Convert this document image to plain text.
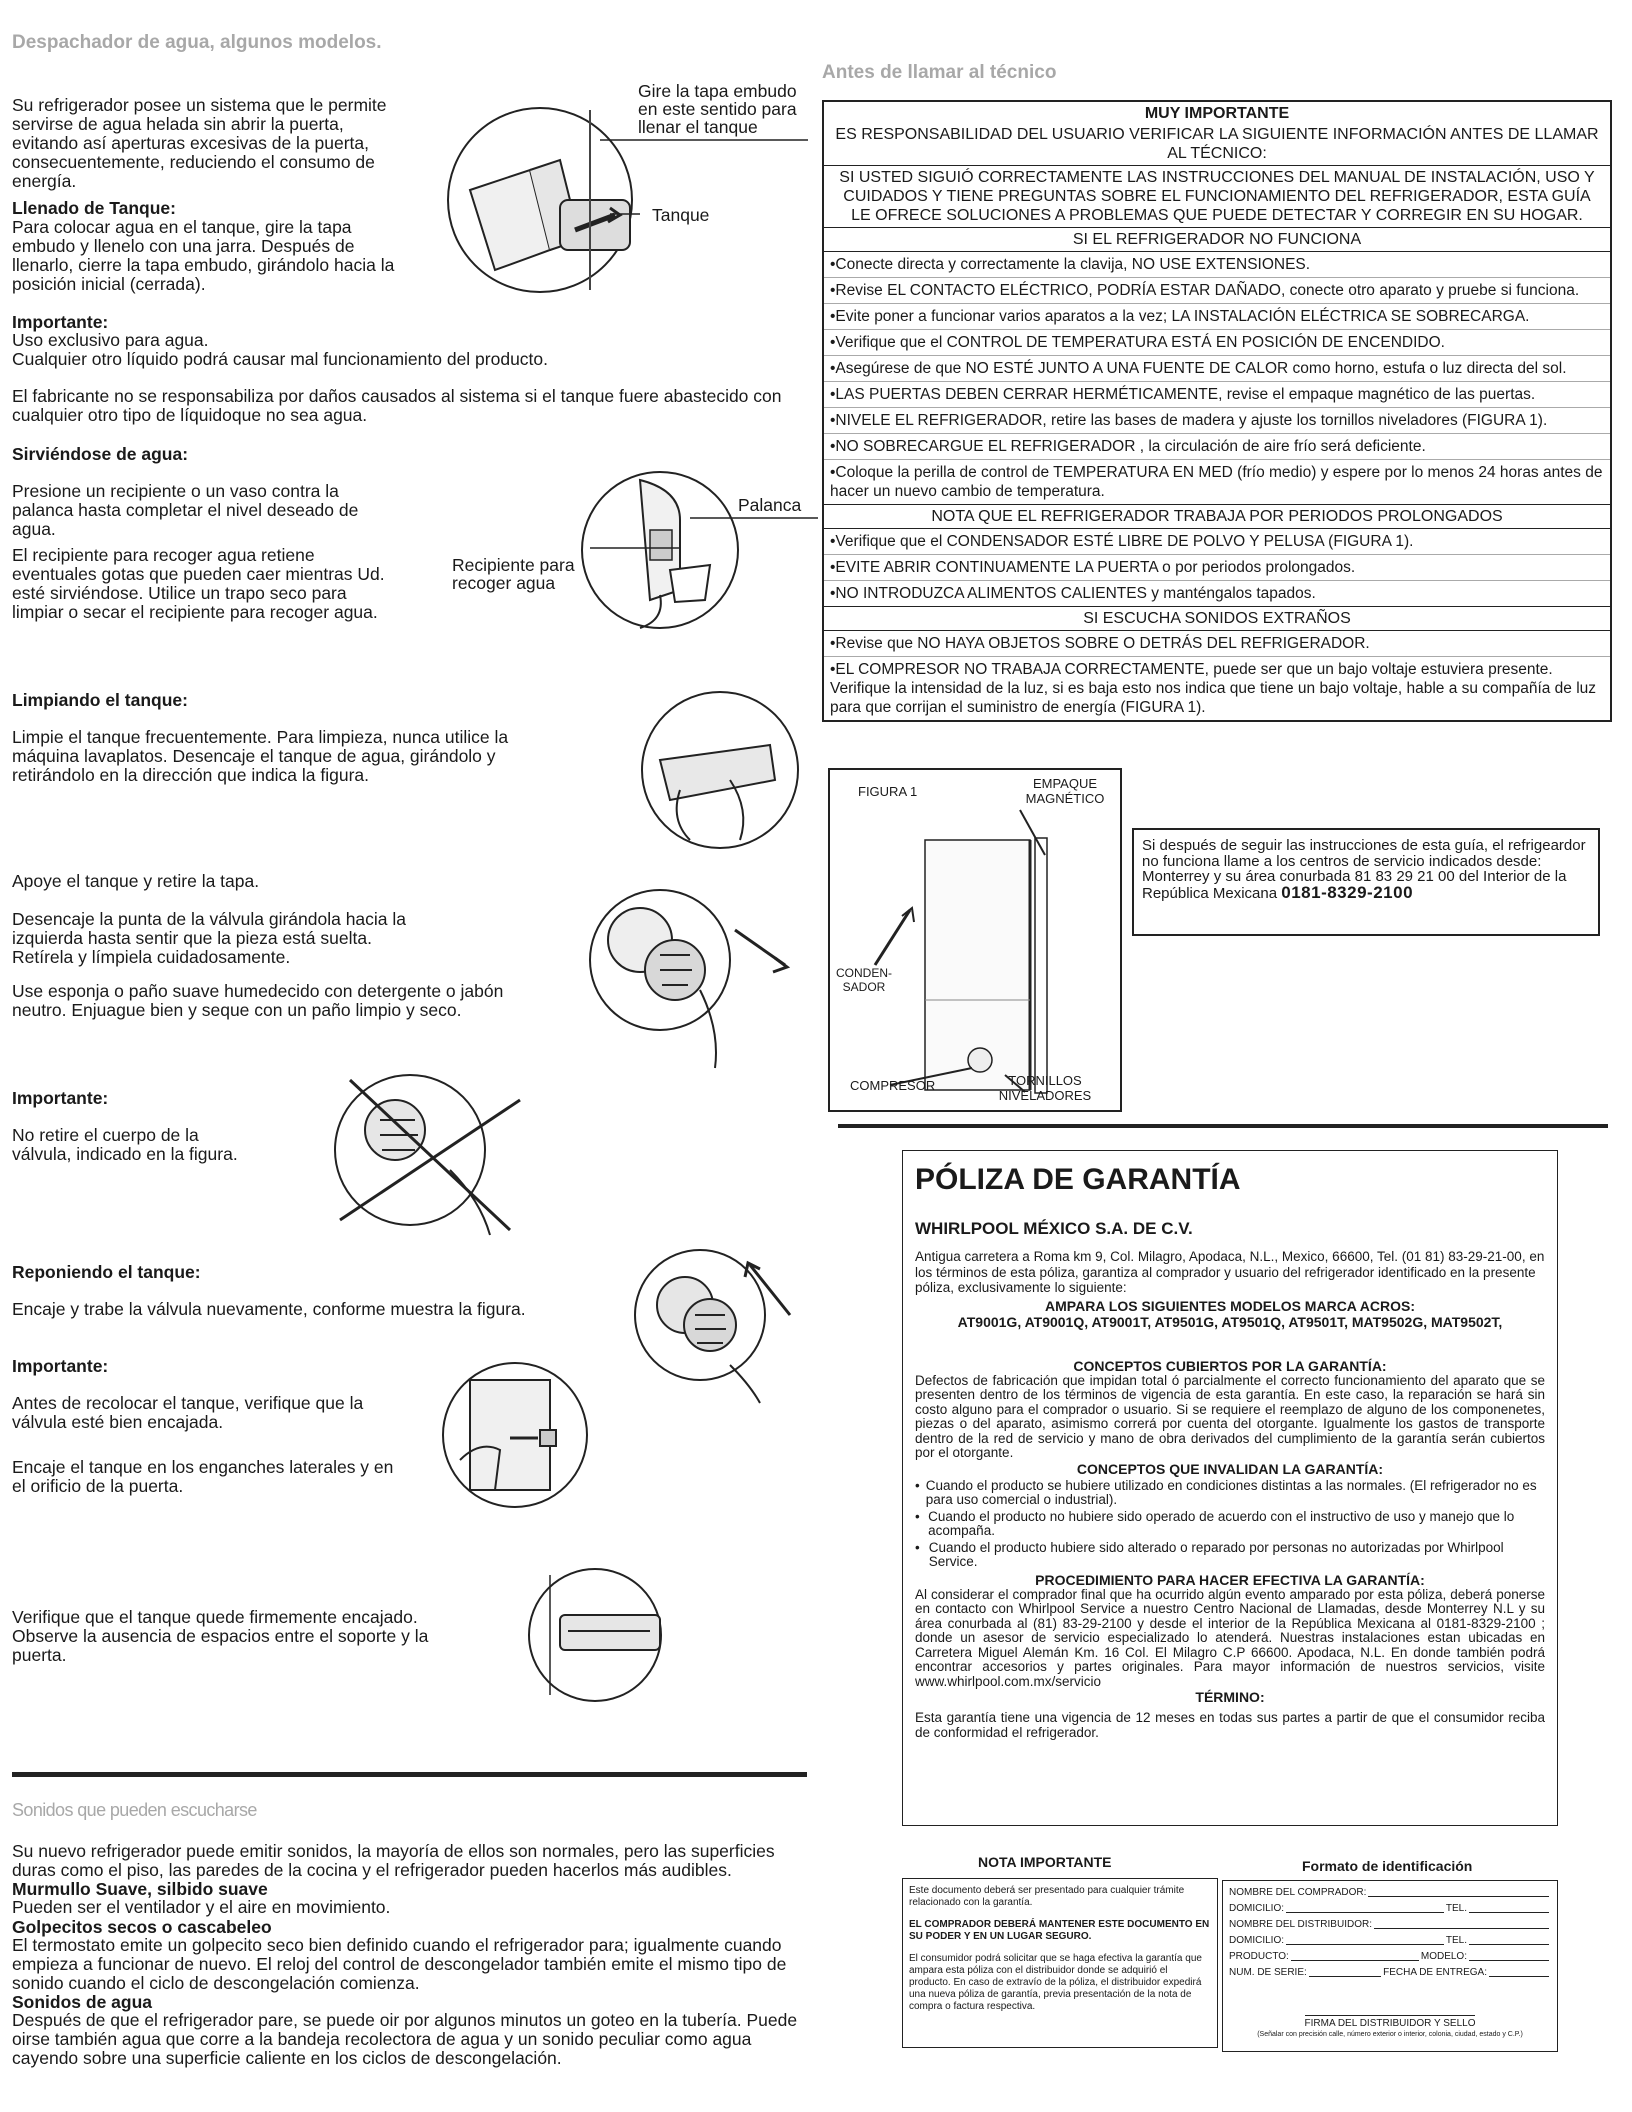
Despachador de agua, algunos modelos.

Su refrigerador posee un sistema que le permite servirse de agua helada sin abrir la puerta, evitando así aperturas excesivas de la puerta, consecuentemente, reduciendo el consumo de energía.

Llenado de Tanque:

Para colocar agua en el tanque, gire la tapa embudo y llenelo con una jarra. Después de llenarlo, cierre la tapa embudo, girándolo hacia la posición inicial (cerrada).

Gire la tapa embudo en este sentido para llenar el tanque
Tanque

Importante:

Uso exclusivo para agua.

Cualquier otro líquido podrá causar mal funcionamiento del producto.

El fabricante no se responsabiliza por daños causados al sistema si el tanque fuere abastecido con cualquier otro tipo de líquidoque no sea agua.

Sirviéndose de agua:

Presione un recipiente o un vaso contra la palanca hasta completar el nivel deseado de agua.

El recipiente para recoger agua retiene eventuales gotas que pueden caer mientras Ud. esté sirviéndose. Utilice un trapo seco para limpiar o secar el recipiente para recoger agua.

Palanca
Recipiente para recoger agua

Limpiando el tanque:

Limpie el tanque frecuentemente. Para limpieza, nunca utilice la máquina lavaplatos. Desencaje el tanque de agua, girándolo y retirándolo en la dirección que indica la figura.

Apoye el tanque y retire la tapa.

Desencaje la punta de la válvula girándola hacia la izquierda hasta sentir que la pieza está suelta. Retírela y límpiela cuidadosamente.

Use esponja o paño suave humedecido con detergente o jabón neutro. Enjuague bien y seque con un paño limpio y seco.

Importante:

No retire el cuerpo de la válvula, indicado en la figura.

Reponiendo el tanque:

Encaje y trabe la válvula nuevamente, conforme muestra la figura.

Importante:

Antes de recolocar el tanque, verifique que la válvula esté bien encajada.

Encaje el tanque en los enganches laterales y en el orificio de la puerta.

Verifique que el tanque quede firmemente encajado. Observe la ausencia de espacios entre el soporte y la puerta.

Sonidos que pueden escucharse

Su nuevo refrigerador puede emitir sonidos, la mayoría de ellos son normales, pero las superficies duras como el piso, las paredes de la cocina y el refrigerador pueden hacerlos más audibles.

Murmullo Suave, silbido suave

Pueden ser el ventilador y el aire en movimiento.

Golpecitos secos o cascabeleo

El termostato emite un golpecito seco bien definido cuando el refrigerador para; igualmente cuando empieza a funcionar de nuevo. El reloj del control de descongelador también emite el mismo tipo de sonido cuando el ciclo de descongelación comienza.

Sonidos de agua

Después de que el refrigerador pare, se puede oir por algunos minutos un goteo en la tubería. Puede oirse también agua que corre a la bandeja recolectora de agua y un sonido peculiar como agua cayendo sobre una superficie caliente en los ciclos de descongelación.

Antes de llamar al técnico
MUY IMPORTANTE
ES RESPONSABILIDAD DEL USUARIO VERIFICAR LA SIGUIENTE INFORMACIÓN ANTES DE LLAMAR AL TÉCNICO:
SI USTED SIGUIÓ CORRECTAMENTE LAS INSTRUCCIONES DEL MANUAL DE INSTALACIÓN, USO Y CUIDADOS Y TIENE PREGUNTAS SOBRE EL FUNCIONAMIENTO DEL REFRIGERADOR, ESTA GUÍA LE OFRECE SOLUCIONES A PROBLEMAS QUE PUEDE DETECTAR Y CORREGIR EN SU HOGAR.
SI EL REFRIGERADOR NO FUNCIONA
•Conecte directa y correctamente la clavija, NO USE EXTENSIONES.
•Revise EL CONTACTO ELÉCTRICO, PODRÍA ESTAR DAÑADO, conecte otro aparato y pruebe si funciona.
•Evite poner a funcionar varios aparatos a la vez; LA INSTALACIÓN ELÉCTRICA SE SOBRECARGA.
•Verifique que el CONTROL DE TEMPERATURA ESTÁ EN POSICIÓN DE ENCENDIDO.
•Asegúrese de que NO ESTÉ JUNTO A UNA FUENTE DE CALOR como horno, estufa o luz directa del sol.
•LAS PUERTAS DEBEN CERRAR HERMÉTICAMENTE, revise el empaque magnético de las puertas.
•NIVELE EL REFRIGERADOR, retire las bases de madera y ajuste los tornillos niveladores (FIGURA 1).
•NO SOBRECARGUE EL REFRIGERADOR , la circulación de aire frío será deficiente.
•Coloque la perilla de control de TEMPERATURA EN MED (frío medio) y espere por lo menos 24 horas antes de hacer un nuevo cambio de temperatura.
NOTA QUE EL REFRIGERADOR TRABAJA POR PERIODOS PROLONGADOS
•Verifique que el CONDENSADOR ESTÉ LIBRE DE POLVO Y PELUSA (FIGURA 1).
•EVITE ABRIR CONTINUAMENTE LA PUERTA o por periodos prolongados.
•NO INTRODUZCA ALIMENTOS CALIENTES y manténgalos tapados.
SI ESCUCHA SONIDOS EXTRAÑOS
•Revise que NO HAYA OBJETOS SOBRE O DETRÁS DEL REFRIGERADOR.
•EL COMPRESOR NO TRABAJA CORRECTAMENTE, puede ser que un bajo voltaje estuviera presente. Verifique la intensidad de la luz, si es baja esto nos indica que tiene un bajo voltaje, hable a su compañía de luz para que corrijan el suministro de energía (FIGURA 1).
FIGURA 1
EMPAQUE MAGNÉTICO
CONDEN- SADOR
COMPRESOR	TORNILLOS NIVELADORES
Si después de seguir las instrucciones de esta guía, el refrigeardor no funciona llame a los centros de servicio indicados desde: Monterrey y su área conurbada 81 83 29 21 00 del Interior de la República Mexicana 0181-8329-2100
PÓLIZA DE GARANTÍA
WHIRLPOOL MÉXICO S.A. DE C.V.
Antigua carretera a Roma km 9, Col. Milagro, Apodaca, N.L., Mexico, 66600, Tel. (01 81) 83-29-21-00, en los términos de esta póliza, garantiza al comprador y usuario del refrigerador identificado en la presente póliza, exclusivamente lo siguiente:
AMPARA LOS SIGUIENTES MODELOS MARCA ACROS:
AT9001G, AT9001Q, AT9001T, AT9501G, AT9501Q, AT9501T, MAT9502G, MAT9502T,
CONCEPTOS CUBIERTOS POR LA GARANTÍA:
Defectos de fabricación que impidan total ó parcialmente el correcto funcionamiento del aparato que se presenten dentro de los términos de vigencia de esta garantía. En este caso, la reparación se hará sin costo alguno para el comprador o usuario. Si se requiere el reemplazo de alguno de los componenetes, piezas o del aparato, asimismo correrá por cuenta del otorgante. Igualmente los gastos de transporte dentro de la red de servicio y mano de obra derivados del cumplimiento de la garantía serán cubiertos por el otorgante.
CONCEPTOS QUE INVALIDAN LA GARANTÍA:
• Cuando el producto se hubiere utilizado en condiciones distintas a las normales. (El refrigerador no es para uso comercial o industrial).
• Cuando el producto no hubiere sido operado de acuerdo con el instructivo de uso y manejo que lo acompaña.
• Cuando el producto hubiere sido alterado o reparado por personas no autorizadas por Whirlpool Service.
PROCEDIMIENTO PARA HACER EFECTIVA LA GARANTÍA:
Al considerar el comprador final que ha ocurrido algún evento amparado por esta póliza, deberá ponerse en contacto con Whirlpool Service a nuestro Centro Nacional de Llamadas, desde Monterrey N.L y su área conurbada al (81) 83-29-2100 y desde el interior de la República Mexicana al 0181-8329-2100 ; donde un asesor de servicio especializado lo atenderá. Nuestras instalaciones estan ubicadas en Carretera Miguel Alemán Km. 16 Col. El Milagro C.P 66600. Apodaca, N.L. En donde también podrá encontrar accesorios y partes originales. Para mayor información de nuestros servicios, visite www.whirlpool.com.mx/servicio
TÉRMINO:
Esta garantía tiene una vigencia de 12 meses en todas sus partes a partir de que el consumidor reciba de conformidad el refrigerador.
NOTA IMPORTANTE
Este documento deberá ser presentado para cualquier trámite relacionado con la garantía.
EL COMPRADOR DEBERÁ MANTENER ESTE DOCUMENTO EN SU PODER Y EN UN LUGAR SEGURO.
El consumidor podrá solicitar que se haga efectiva la garantía que ampara esta póliza con el distribuidor donde se adquirió el producto. En caso de extravío de la póliza, el distribuidor expedirá una nueva póliza de garantía, previa presentación de la nota de compra o factura respectiva.
Formato de identificación
NOMBRE DEL COMPRADOR:
DOMICILIO:	TEL.
NOMBRE DEL DISTRIBUIDOR:
DOMICILIO:	TEL.
PRODUCTO:	MODELO:
NUM. DE SERIE:	FECHA DE ENTREGA:
FIRMA DEL DISTRIBUIDOR Y SELLO
(Señalar con precisión calle, número exterior o interior, colonia, ciudad, estado y C.P.)
